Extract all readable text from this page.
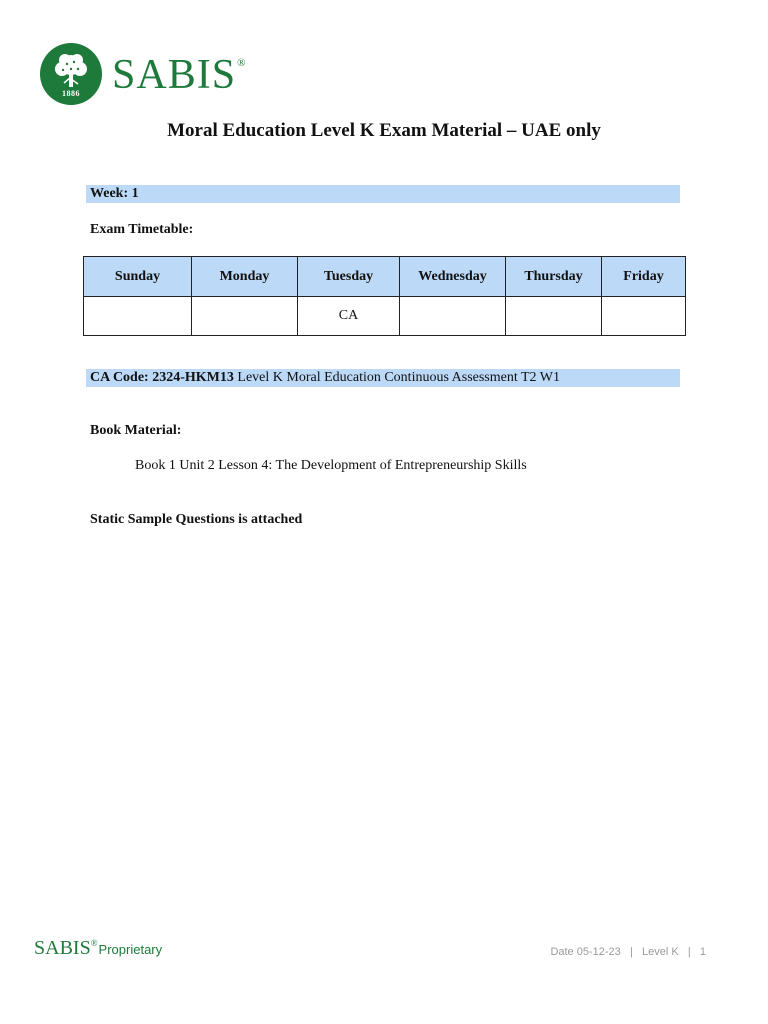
1886 SABIS®
Moral Education Level K Exam Material – UAE only
Week: 1
Exam Timetable:
Sunday	Monday	Tuesday	Wednesday	Thursday	Friday
		CA			
CA Code: 2324-HKM13 Level K Moral Education Continuous Assessment T2 W1
Book Material:
Book 1 Unit 2 Lesson 4: The Development of Entrepreneurship Skills
Static Sample Questions is attached
SABIS®Proprietary	Date 05-12-23 | Level K | 1
